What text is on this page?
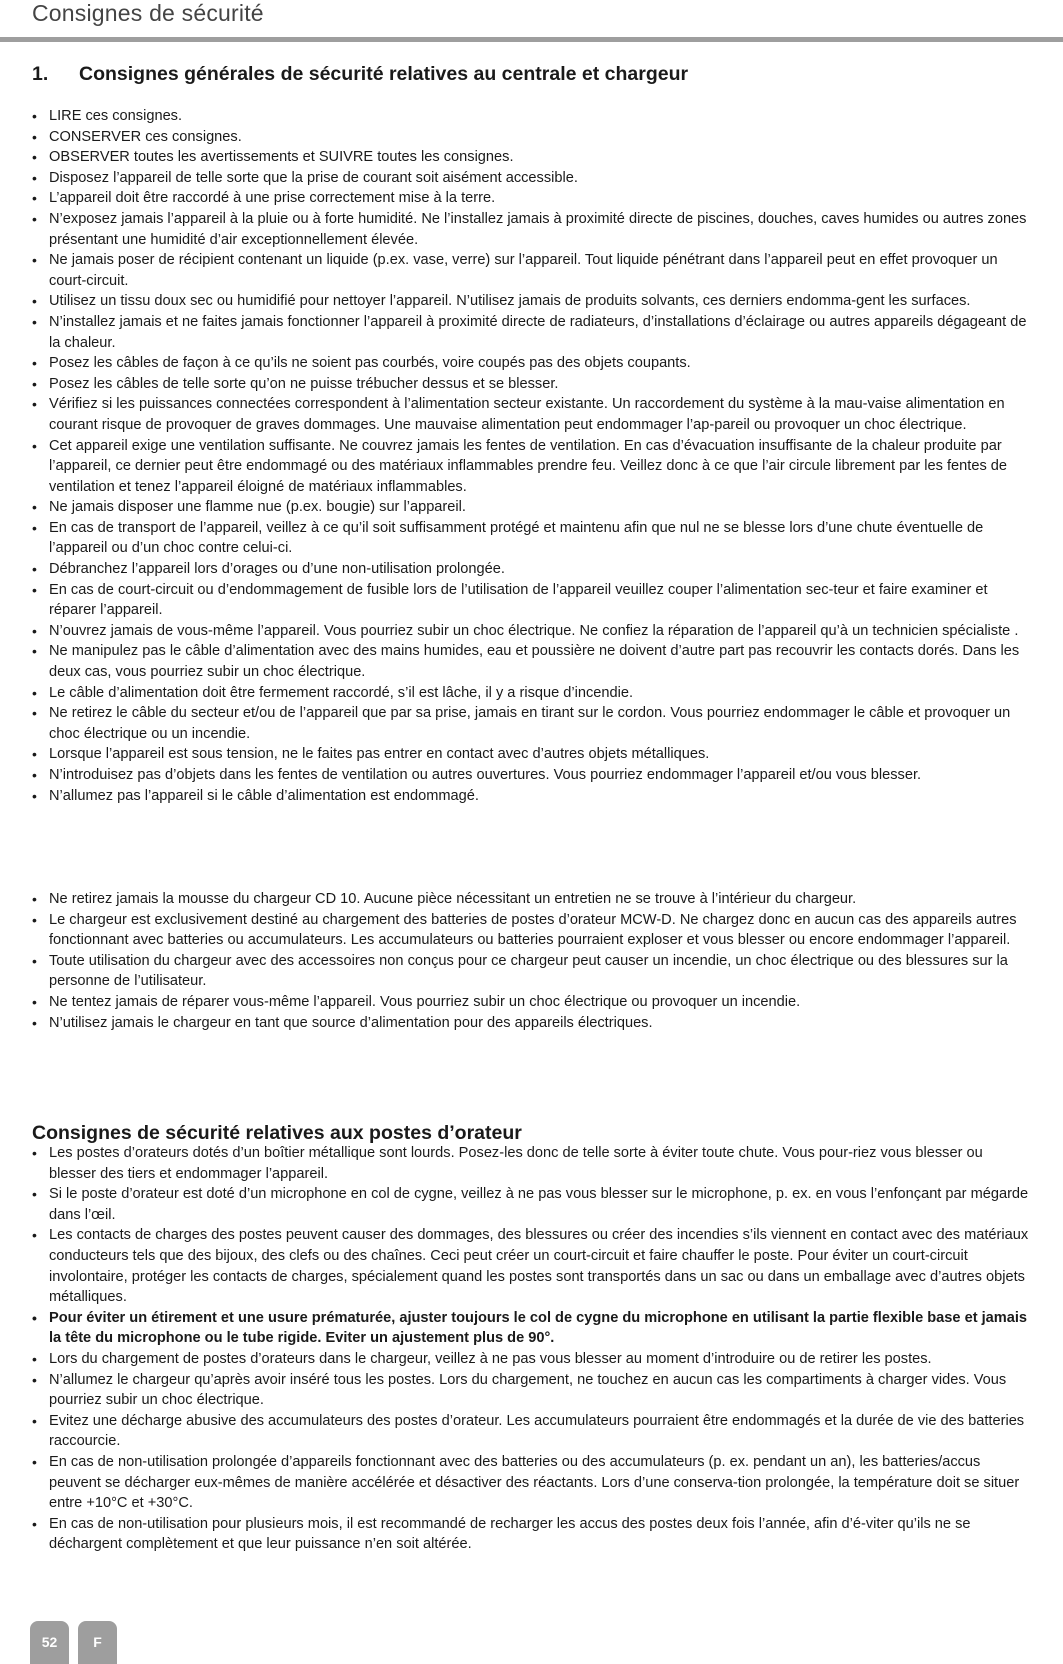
Consignes de sécurité
1. Consignes générales de sécurité relatives au centrale et chargeur
• LIRE ces consignes.
• CONSERVER ces consignes.
• OBSERVER toutes les avertissements et SUIVRE toutes les consignes.
• Disposez l’appareil de telle sorte que la prise de courant soit aisément accessible.
• L’appareil doit être raccordé à une prise correctement mise à la terre.
• N’exposez jamais l’appareil à la pluie ou à forte humidité. Ne l’installez jamais à proximité directe de piscines, douches, caves humides ou autres zones présentant une humidité d’air exceptionnellement élevée.
• Ne jamais poser de récipient contenant un liquide (p.ex. vase, verre) sur l’appareil. Tout liquide pénétrant dans l’appareil peut en effet provoquer un court-circuit.
• Utilisez un tissu doux sec ou humidifié pour nettoyer l’appareil. N’utilisez jamais de produits solvants, ces derniers endomma-gent les surfaces.
• N’installez jamais et ne faites jamais fonctionner l’appareil à proximité directe de radiateurs, d’installations d’éclairage ou autres appareils dégageant de la chaleur.
• Posez les câbles de façon à ce qu’ils ne soient pas courbés, voire coupés pas des objets coupants.
• Posez les câbles de telle sorte qu’on ne puisse trébucher dessus et se blesser.
• Vérifiez si les puissances connectées correspondent à l’alimentation secteur existante. Un raccordement du système à la mau-vaise alimentation en courant risque de provoquer de graves dommages. Une mauvaise alimentation peut endommager l’ap-pareil ou provoquer un choc électrique.
• Cet appareil exige une ventilation suffisante. Ne couvrez jamais les fentes de ventilation. En cas d’évacuation insuffisante de la chaleur produite par l’appareil, ce dernier peut être endommagé ou des matériaux inflammables prendre feu. Veillez donc à ce que l’air circule librement par les fentes de ventilation et tenez l’appareil éloigné de matériaux inflammables.
• Ne jamais disposer une flamme nue (p.ex. bougie) sur l’appareil.
• En cas de transport de l’appareil, veillez à ce qu’il soit suffisamment protégé et maintenu afin que nul ne se blesse lors d’une chute éventuelle de l’appareil ou d’un choc contre celui-ci.
• Débranchez l’appareil lors d’orages ou d’une non-utilisation prolongée.
• En cas de court-circuit ou d’endommagement de fusible lors de l’utilisation de l’appareil veuillez couper l’alimentation sec-teur et faire examiner et réparer l’appareil.
• N’ouvrez jamais de vous-même l’appareil. Vous pourriez subir un choc électrique. Ne confiez la réparation de l’appareil qu’à un technicien spécialiste .
• Ne manipulez pas le câble d’alimentation avec des mains humides, eau et poussière ne doivent d’autre part pas recouvrir les contacts dorés. Dans les deux cas, vous pourriez subir un choc électrique.
• Le câble d’alimentation doit être fermement raccordé, s’il est lâche, il y a risque d’incendie.
• Ne retirez le câble du secteur et/ou de l’appareil que par sa prise, jamais en tirant sur le cordon. Vous pourriez endommager le câble et provoquer un choc électrique ou un incendie.
• Lorsque l’appareil est sous tension, ne le faites pas entrer en contact avec d’autres objets métalliques.
• N’introduisez pas d’objets dans les fentes de ventilation ou autres ouvertures. Vous pourriez endommager l’appareil et/ou vous blesser.
• N’allumez pas l’appareil si le câble d’alimentation est endommagé.
• Ne retirez jamais la mousse du chargeur CD 10. Aucune pièce nécessitant un entretien ne se trouve à l’intérieur du chargeur.
• Le chargeur est exclusivement destiné au chargement des batteries de postes d’orateur MCW-D. Ne chargez donc en aucun cas des appareils autres fonctionnant avec batteries ou accumulateurs. Les accumulateurs ou batteries pourraient exploser et vous blesser ou encore endommager l’appareil.
• Toute utilisation du chargeur avec des accessoires non conçus pour ce chargeur peut causer un incendie, un choc électrique ou des blessures sur la personne de l’utilisateur.
• Ne tentez jamais de réparer vous-même l’appareil. Vous pourriez subir un choc électrique ou provoquer un incendie.
• N’utilisez jamais le chargeur en tant que source d’alimentation pour des appareils électriques.
Consignes de sécurité relatives aux postes d’orateur
• Les postes d’orateurs dotés d’un boîtier métallique sont lourds. Posez-les donc de telle sorte à éviter toute chute. Vous pour-riez vous blesser ou blesser des tiers et endommager l’appareil.
• Si le poste d’orateur est doté d’un microphone en col de cygne, veillez à ne pas vous blesser sur le microphone, p. ex. en vous l’enfonçant par mégarde dans l’œil.
• Les contacts de charges des postes peuvent causer des dommages, des blessures ou créer des incendies s’ils viennent en contact avec des matériaux conducteurs tels que des bijoux, des clefs ou des chaînes. Ceci peut créer un court-circuit et faire chauffer le poste. Pour éviter un court-circuit involontaire, protéger les contacts de charges, spécialement quand les postes sont transportés dans un sac ou dans un emballage avec d’autres objets métalliques.
• Pour éviter un étirement et une usure prématurée, ajuster toujours le col de cygne du microphone en utilisant la partie flexible base et jamais la tête du microphone ou le tube rigide. Eviter un ajustement plus de 90°.
• Lors du chargement de postes d’orateurs dans le chargeur, veillez à ne pas vous blesser au moment d’introduire ou de retirer les postes.
• N’allumez le chargeur qu’après avoir inséré tous les postes. Lors du chargement, ne touchez en aucun cas les compartiments à charger vides. Vous pourriez subir un choc électrique.
• Evitez une décharge abusive des accumulateurs des postes d’orateur. Les accumulateurs pourraient être endommagés et la durée de vie des batteries raccourcie.
• En cas de non-utilisation prolongée d’appareils fonctionnant avec des batteries ou des accumulateurs (p. ex. pendant un an), les batteries/accus peuvent se décharger eux-mêmes de manière accélérée et désactiver des réactants. Lors d’une conserva-tion prolongée, la température doit se situer entre +10°C et +30°C.
• En cas de non-utilisation pour plusieurs mois, il est recommandé de recharger les accus des postes deux fois l’année, afin d’é-viter qu’ils ne se déchargent complètement et que leur puissance n’en soit altérée.
52	F
